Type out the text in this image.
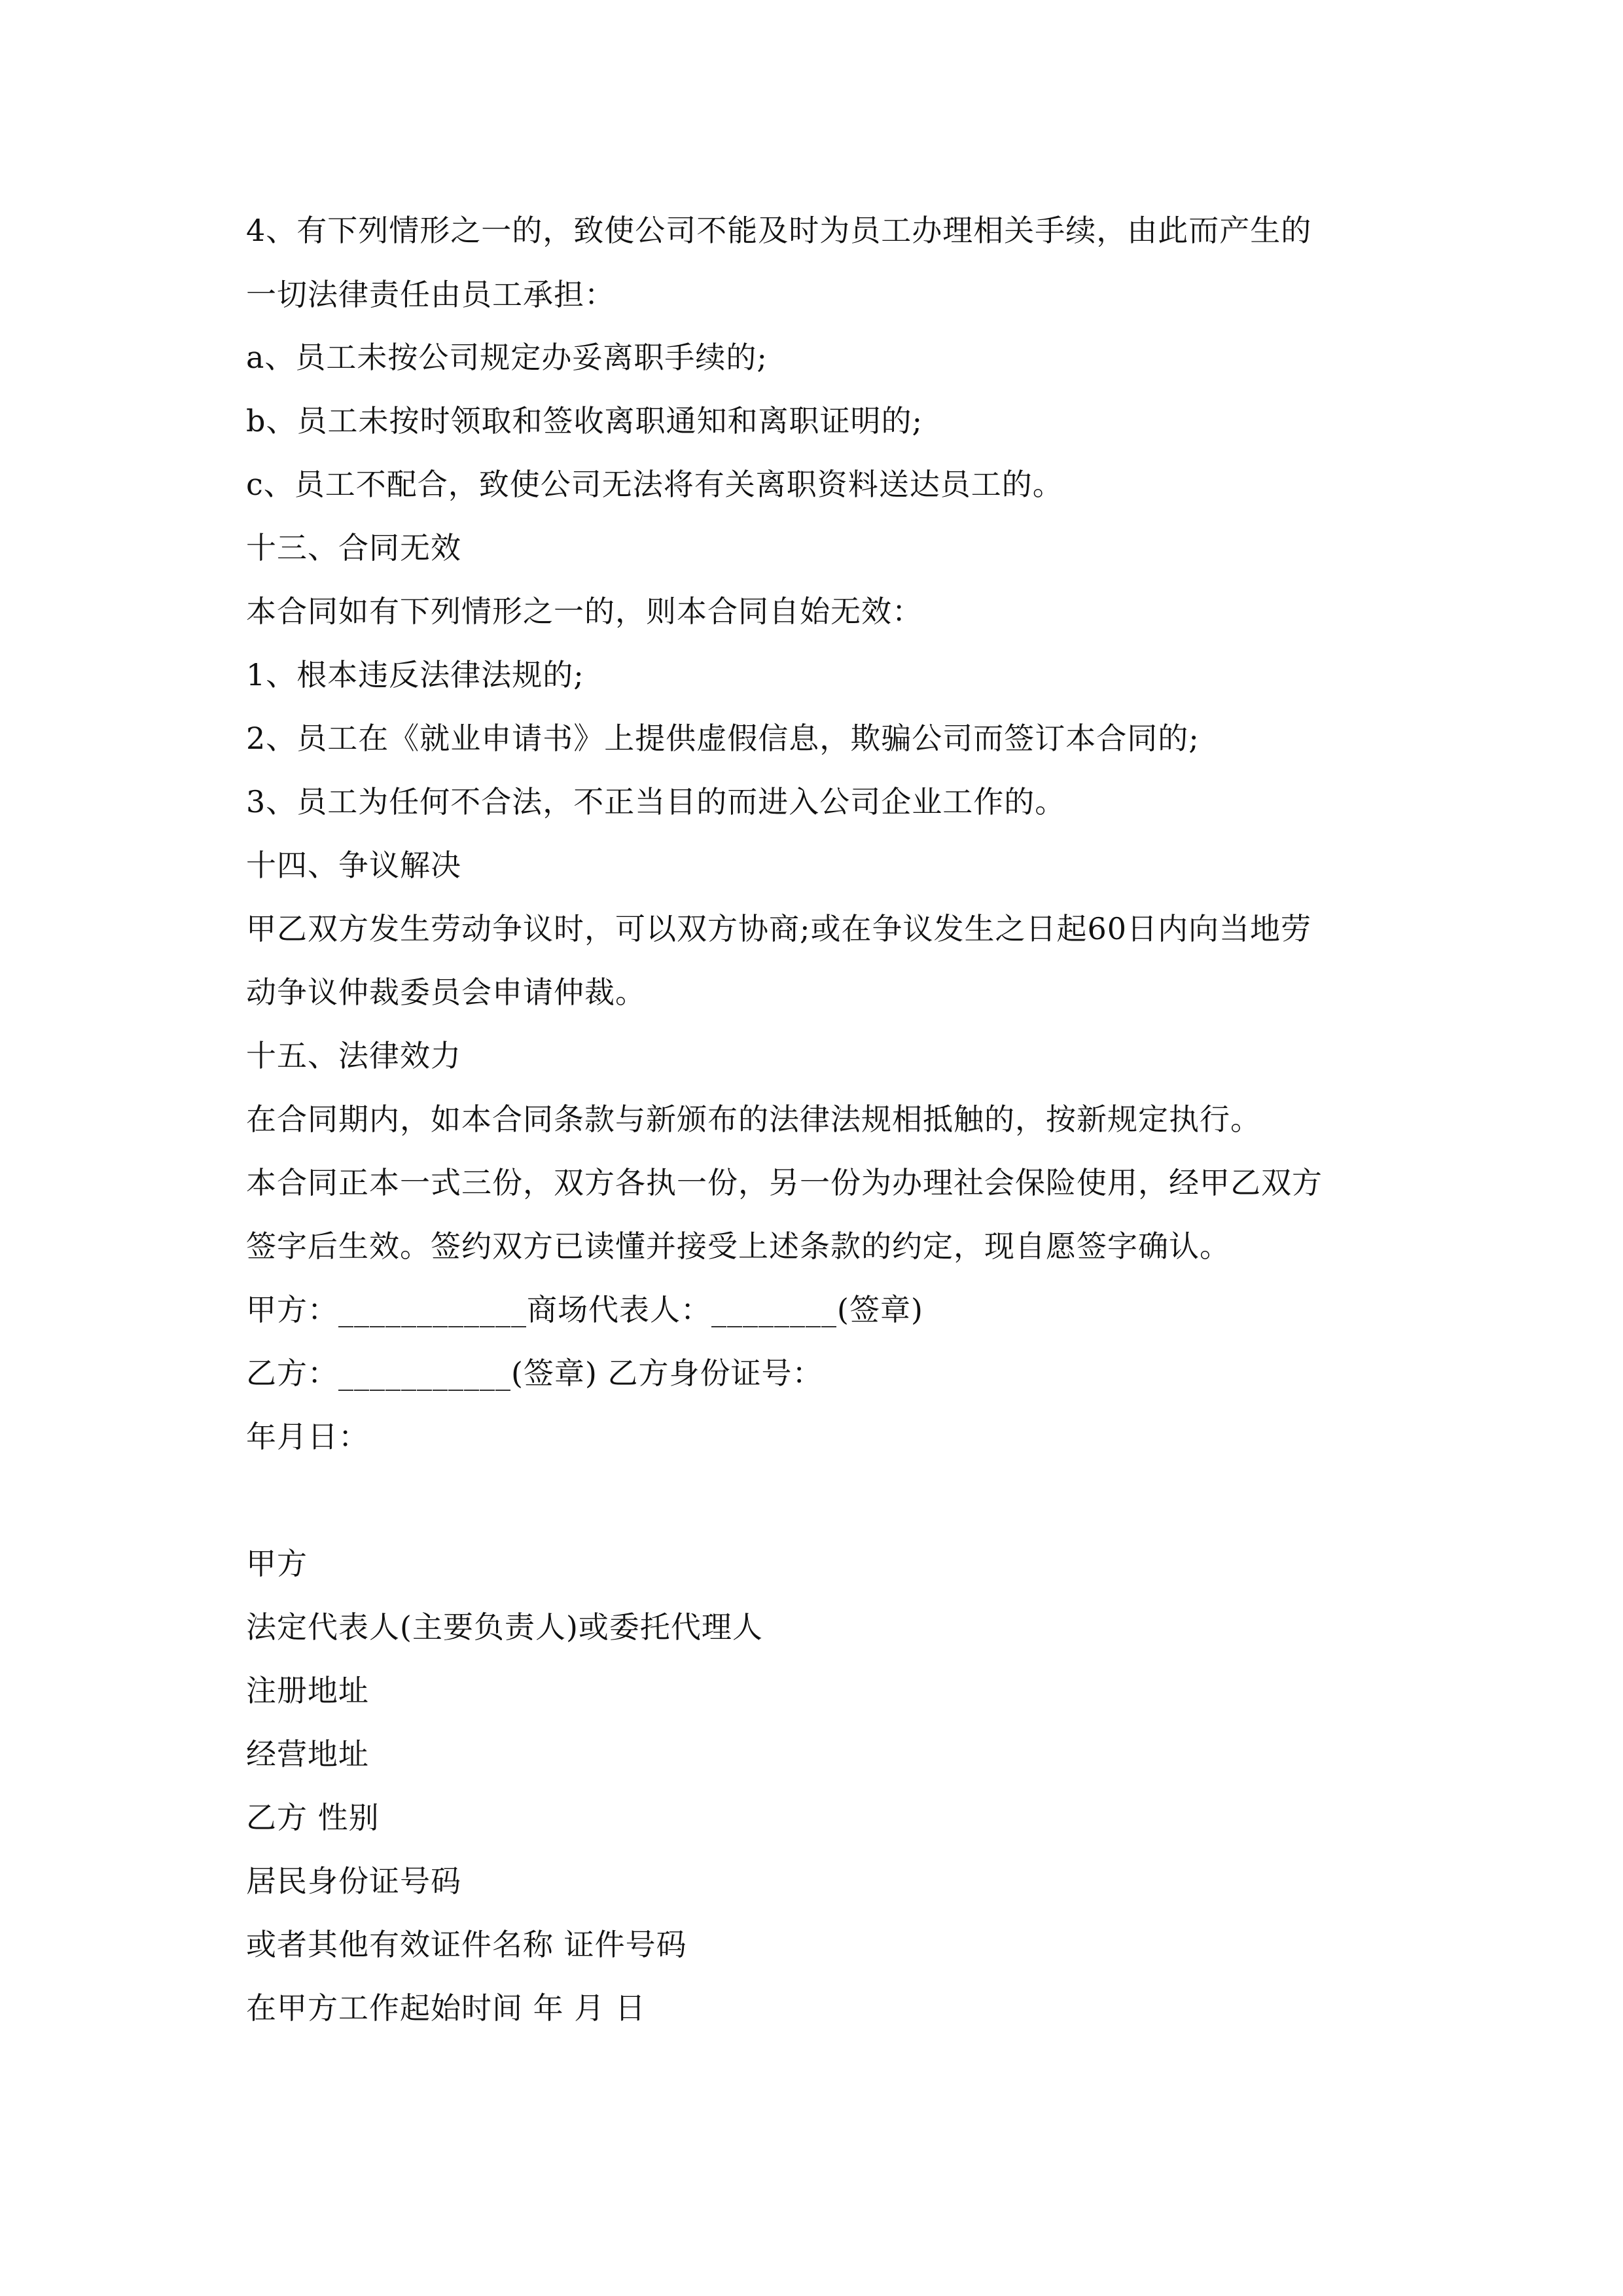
4、有下列情形之一的，致使公司不能及时为员工办理相关手续，由此而产生的
一切法律责任由员工承担：
a、员工未按公司规定办妥离职手续的;
b、员工未按时领取和签收离职通知和离职证明的;
c、员工不配合，致使公司无法将有关离职资料送达员工的。
十三、合同无效
本合同如有下列情形之一的，则本合同自始无效：
1、根本违反法律法规的;
2、员工在《就业申请书》上提供虚假信息，欺骗公司而签订本合同的;
3、员工为任何不合法，不正当目的而进入公司企业工作的。
十四、争议解决
甲乙双方发生劳动争议时，可以双方协商;或在争议发生之日起60日内向当地劳
动争议仲裁委员会申请仲裁。
十五、法律效力
在合同期内，如本合同条款与新颁布的法律法规相抵触的，按新规定执行。
本合同正本一式三份，双方各执一份，另一份为办理社会保险使用，经甲乙双方
签字后生效。签约双方已读懂并接受上述条款的约定，现自愿签字确认。
甲方：____________商场代表人：________(签章)
乙方：___________(签章) 乙方身份证号：
年月日：
甲方
法定代表人(主要负责人)或委托代理人
注册地址
经营地址
乙方 性别
居民身份证号码
或者其他有效证件名称 证件号码
在甲方工作起始时间 年 月 日
